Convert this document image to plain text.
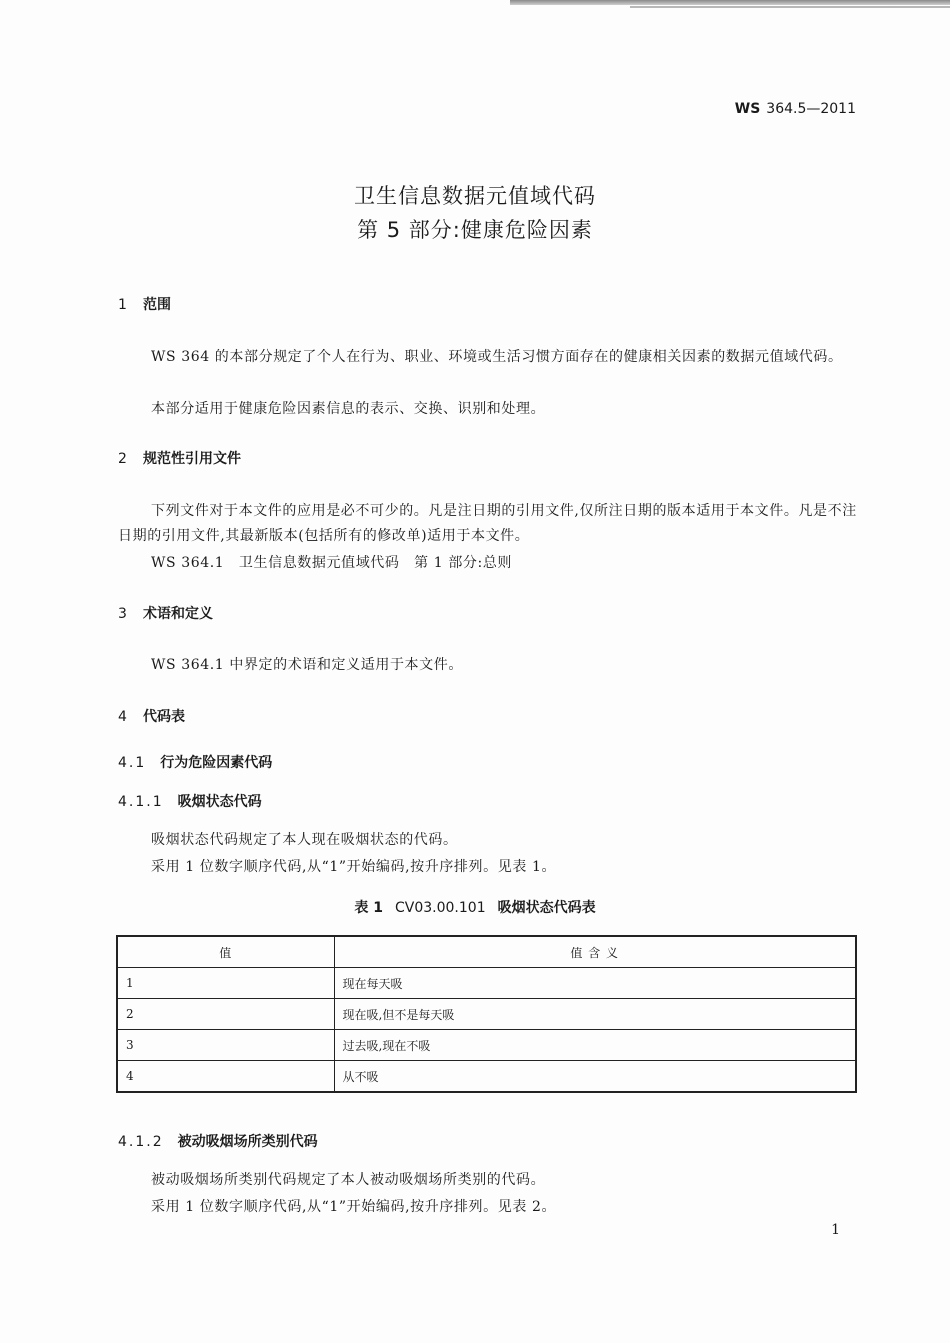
WS 364.5—2011
卫生信息数据元值域代码
第 5 部分:健康危险因素
1 范围

WS 364 的本部分规定了个人在行为、职业、环境或生活习惯方面存在的健康相关因素的数据元值域代码。

本部分适用于健康危险因素信息的表示、交换、识别和处理。
2 规范性引用文件

下列文件对于本文件的应用是必不可少的。凡是注日期的引用文件,仅所注日期的版本适用于本文件。凡是不注日期的引用文件,其最新版本(包括所有的修改单)适用于本文件。

WS 364.1　卫生信息数据元值域代码　第 1 部分:总则
3 术语和定义
WS 364.1 中界定的术语和定义适用于本文件。
4 代码表
4.1 行为危险因素代码
4.1.1 吸烟状态代码
吸烟状态代码规定了本人现在吸烟状态的代码。
采用 1 位数字顺序代码,从“1”开始编码,按升序排列。见表 1。
表 1 CV03.00.101 吸烟状态代码表
值	值 含 义
1	现在每天吸
2	现在吸,但不是每天吸
3	过去吸,现在不吸
4	从不吸
4.1.2 被动吸烟场所类别代码
被动吸烟场所类别代码规定了本人被动吸烟场所类别的代码。
采用 1 位数字顺序代码,从“1”开始编码,按升序排列。见表 2。
1
